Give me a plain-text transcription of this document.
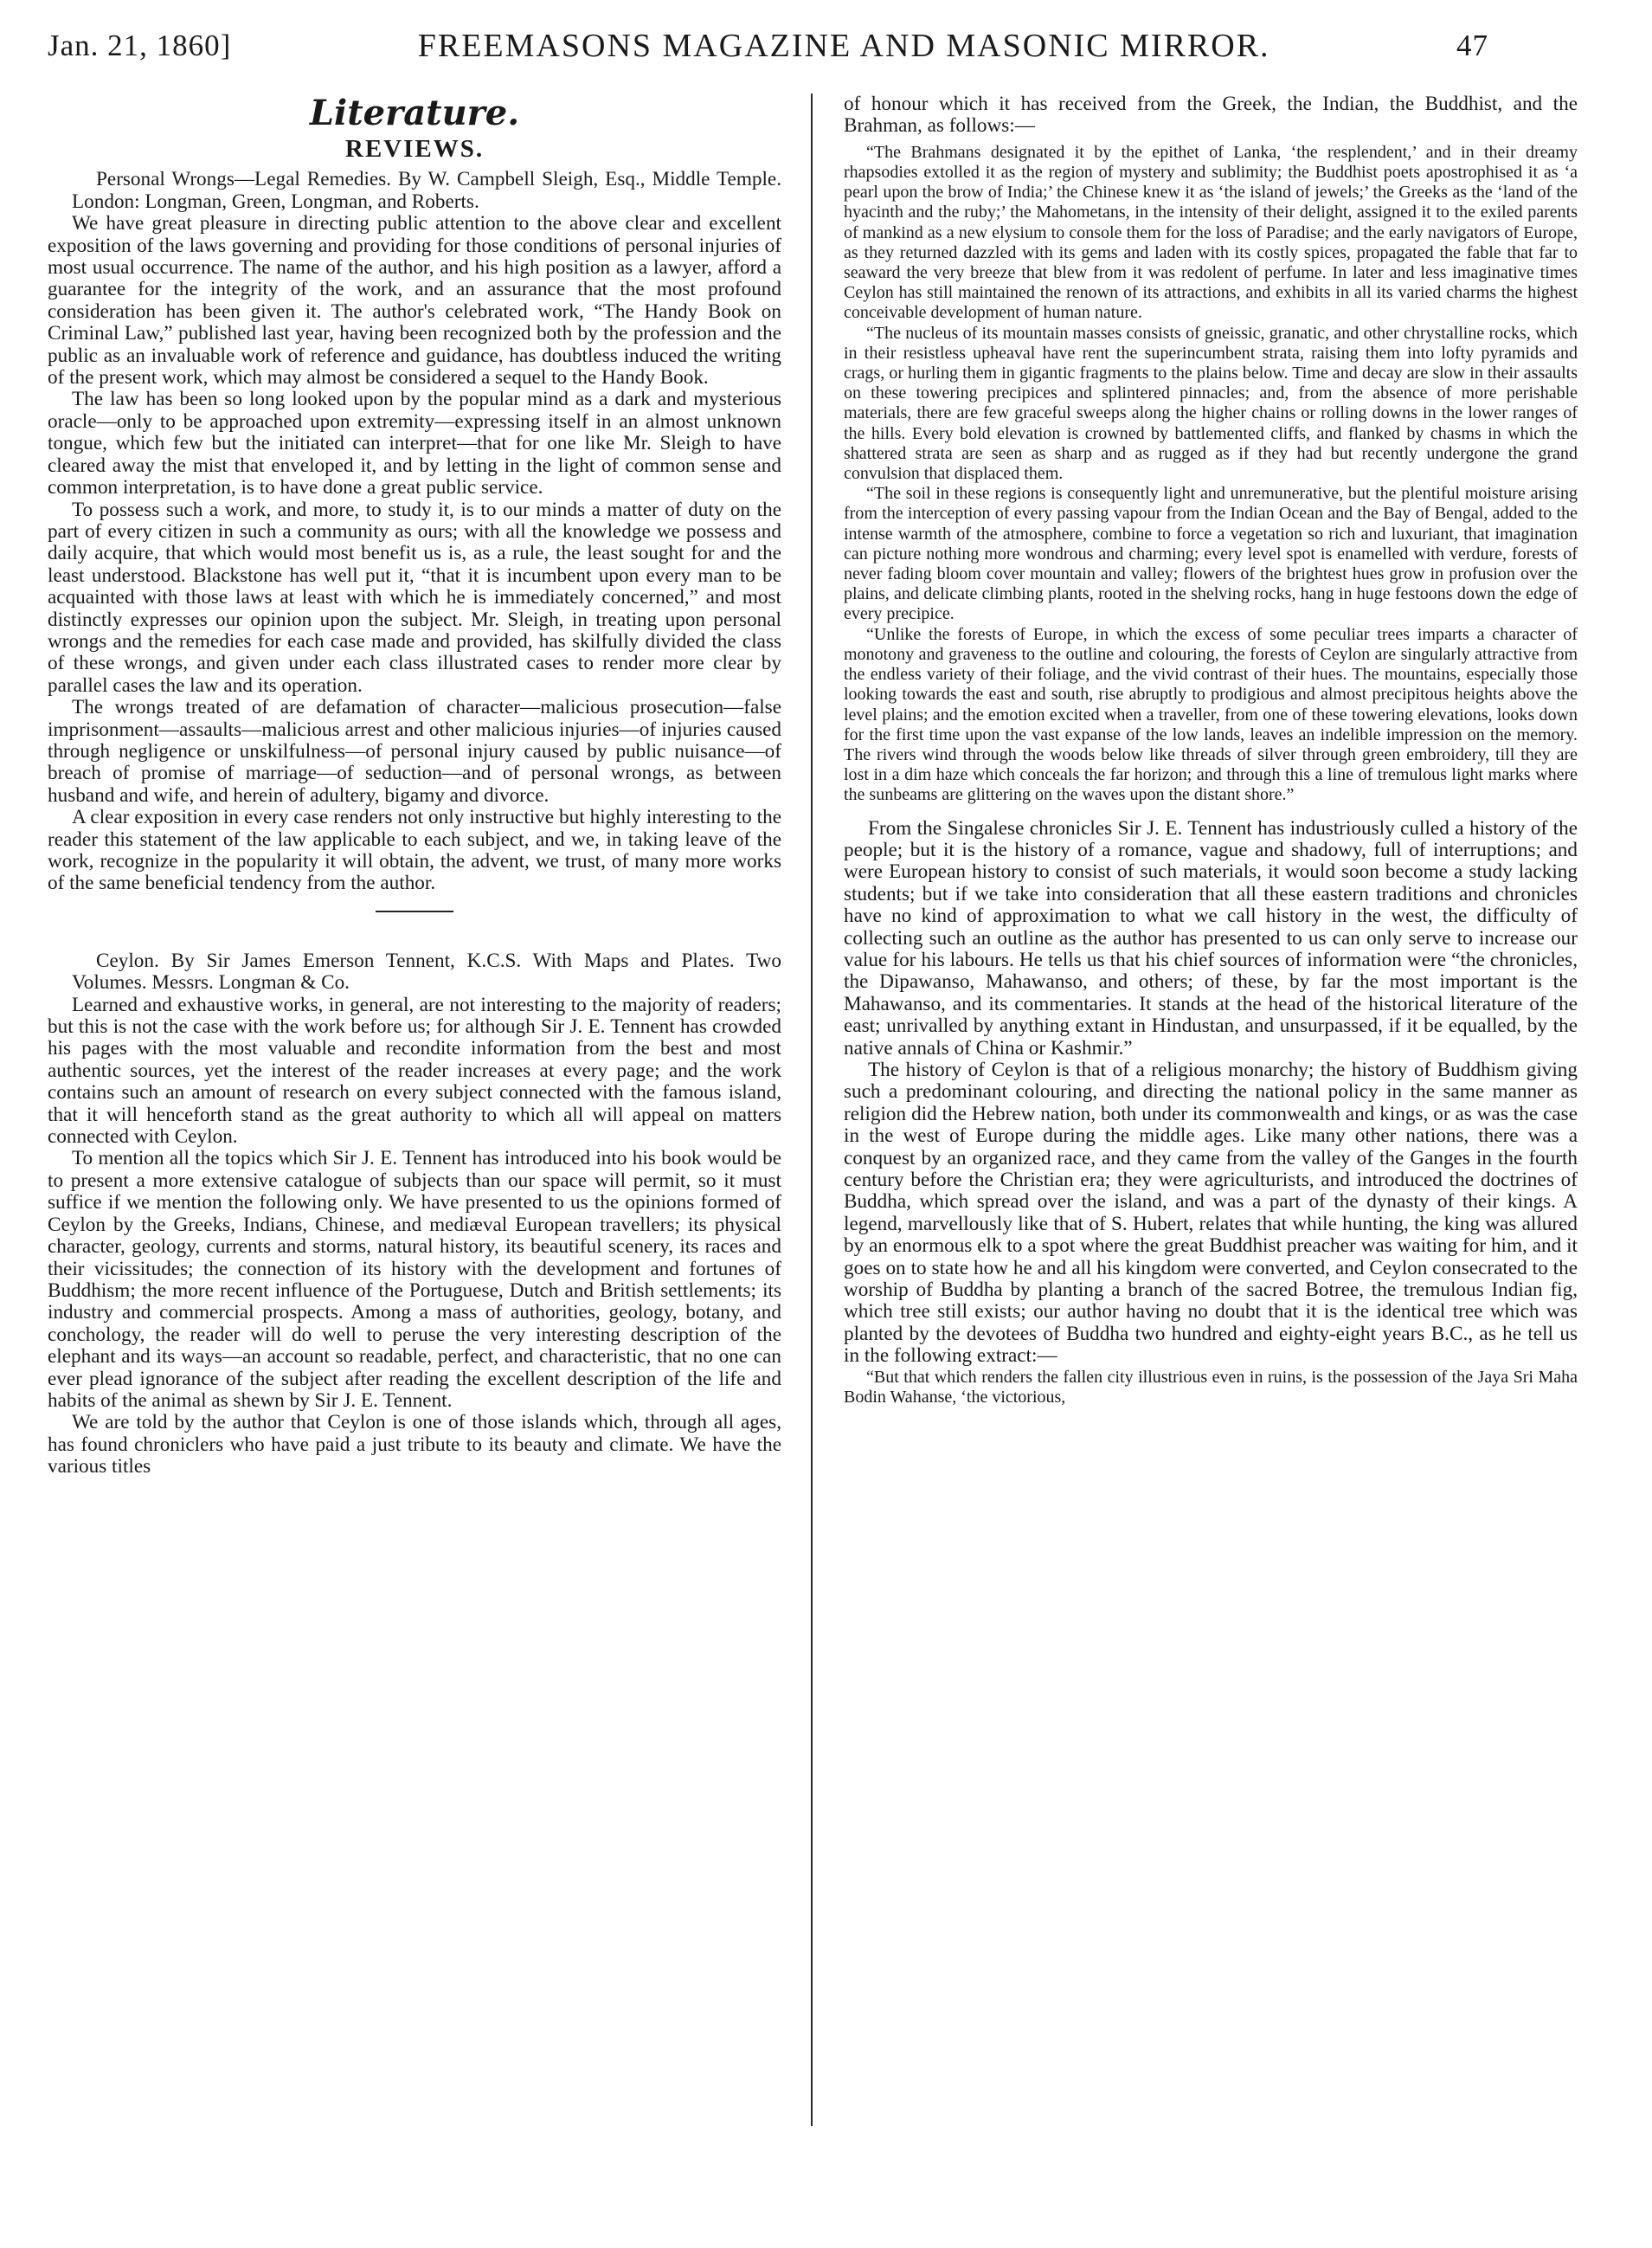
Jan. 21, 1860]	FREEMASONS MAGAZINE AND MASONIC MIRROR.	47
Literature.
REVIEWS.

Personal Wrongs—Legal Remedies. By W. Campbell Sleigh, Esq., Middle Temple. London: Longman, Green, Longman, and Roberts.

We have great pleasure in directing public attention to the above clear and excellent exposition of the laws governing and providing for those conditions of personal injuries of most usual occurrence. The name of the author, and his high position as a lawyer, afford a guarantee for the integrity of the work, and an assurance that the most profound consideration has been given it. The author's celebrated work, “The Handy Book on Criminal Law,” published last year, having been recognized both by the profession and the public as an invaluable work of reference and guidance, has doubtless induced the writing of the present work, which may almost be considered a sequel to the Handy Book.

The law has been so long looked upon by the popular mind as a dark and mysterious oracle—only to be approached upon extremity—expressing itself in an almost unknown tongue, which few but the initiated can interpret—that for one like Mr. Sleigh to have cleared away the mist that enveloped it, and by letting in the light of common sense and common interpretation, is to have done a great public service.

To possess such a work, and more, to study it, is to our minds a matter of duty on the part of every citizen in such a community as ours; with all the knowledge we possess and daily acquire, that which would most benefit us is, as a rule, the least sought for and the least understood. Blackstone has well put it, “that it is incumbent upon every man to be acquainted with those laws at least with which he is immediately concerned,” and most distinctly expresses our opinion upon the subject. Mr. Sleigh, in treating upon personal wrongs and the remedies for each case made and provided, has skilfully divided the class of these wrongs, and given under each class illustrated cases to render more clear by parallel cases the law and its operation.

The wrongs treated of are defamation of character—malicious prosecution—false imprisonment—assaults—malicious arrest and other malicious injuries—of injuries caused through negligence or unskilfulness—of personal injury caused by public nuisance—of breach of promise of marriage—of seduction—and of personal wrongs, as between husband and wife, and herein of adultery, bigamy and divorce.

A clear exposition in every case renders not only instructive but highly interesting to the reader this statement of the law applicable to each subject, and we, in taking leave of the work, recognize in the popularity it will obtain, the advent, we trust, of many more works of the same beneficial tendency from the author.

Ceylon. By Sir James Emerson Tennent, K.C.S. With Maps and Plates. Two Volumes. Messrs. Longman & Co.

Learned and exhaustive works, in general, are not interesting to the majority of readers; but this is not the case with the work before us; for although Sir J. E. Tennent has crowded his pages with the most valuable and recondite information from the best and most authentic sources, yet the interest of the reader increases at every page; and the work contains such an amount of research on every subject connected with the famous island, that it will henceforth stand as the great authority to which all will appeal on matters connected with Ceylon.

To mention all the topics which Sir J. E. Tennent has introduced into his book would be to present a more extensive catalogue of subjects than our space will permit, so it must suffice if we mention the following only. We have presented to us the opinions formed of Ceylon by the Greeks, Indians, Chinese, and mediæval European travellers; its physical character, geology, currents and storms, natural history, its beautiful scenery, its races and their vicissitudes; the connection of its history with the development and fortunes of Buddhism; the more recent influence of the Portuguese, Dutch and British settlements; its industry and commercial prospects. Among a mass of authorities, geology, botany, and conchology, the reader will do well to peruse the very interesting description of the elephant and its ways—an account so readable, perfect, and characteristic, that no one can ever plead ignorance of the subject after reading the excellent description of the life and habits of the animal as shewn by Sir J. E. Tennent.

We are told by the author that Ceylon is one of those islands which, through all ages, has found chroniclers who have paid a just tribute to its beauty and climate. We have the various titles

of honour which it has received from the Greek, the Indian, the Buddhist, and the Brahman, as follows:—

“The Brahmans designated it by the epithet of Lanka, ‘the resplendent,’ and in their dreamy rhapsodies extolled it as the region of mystery and sublimity; the Buddhist poets apostrophised it as ‘a pearl upon the brow of India;’ the Chinese knew it as ‘the island of jewels;’ the Greeks as the ‘land of the hyacinth and the ruby;’ the Mahometans, in the intensity of their delight, assigned it to the exiled parents of mankind as a new elysium to console them for the loss of Paradise; and the early navigators of Europe, as they returned dazzled with its gems and laden with its costly spices, propagated the fable that far to seaward the very breeze that blew from it was redolent of perfume. In later and less imaginative times Ceylon has still maintained the renown of its attractions, and exhibits in all its varied charms the highest conceivable development of human nature.

“The nucleus of its mountain masses consists of gneissic, granatic, and other chrystalline rocks, which in their resistless upheaval have rent the superincumbent strata, raising them into lofty pyramids and crags, or hurling them in gigantic fragments to the plains below. Time and decay are slow in their assaults on these towering precipices and splintered pinnacles; and, from the absence of more perishable materials, there are few graceful sweeps along the higher chains or rolling downs in the lower ranges of the hills. Every bold elevation is crowned by battlemented cliffs, and flanked by chasms in which the shattered strata are seen as sharp and as rugged as if they had but recently undergone the grand convulsion that displaced them.

“The soil in these regions is consequently light and unremunerative, but the plentiful moisture arising from the interception of every passing vapour from the Indian Ocean and the Bay of Bengal, added to the intense warmth of the atmosphere, combine to force a vegetation so rich and luxuriant, that imagination can picture nothing more wondrous and charming; every level spot is enamelled with verdure, forests of never fading bloom cover mountain and valley; flowers of the brightest hues grow in profusion over the plains, and delicate climbing plants, rooted in the shelving rocks, hang in huge festoons down the edge of every precipice.

“Unlike the forests of Europe, in which the excess of some peculiar trees imparts a character of monotony and graveness to the outline and colouring, the forests of Ceylon are singularly attractive from the endless variety of their foliage, and the vivid contrast of their hues. The mountains, especially those looking towards the east and south, rise abruptly to prodigious and almost precipitous heights above the level plains; and the emotion excited when a traveller, from one of these towering elevations, looks down for the first time upon the vast expanse of the low lands, leaves an indelible impression on the memory. The rivers wind through the woods below like threads of silver through green embroidery, till they are lost in a dim haze which conceals the far horizon; and through this a line of tremulous light marks where the sunbeams are glittering on the waves upon the distant shore.”

From the Singalese chronicles Sir J. E. Tennent has industriously culled a history of the people; but it is the history of a romance, vague and shadowy, full of interruptions; and were European history to consist of such materials, it would soon become a study lacking students; but if we take into consideration that all these eastern traditions and chronicles have no kind of approximation to what we call history in the west, the difficulty of collecting such an outline as the author has presented to us can only serve to increase our value for his labours. He tells us that his chief sources of information were “the chronicles, the Dipawanso, Mahawanso, and others; of these, by far the most important is the Mahawanso, and its commentaries. It stands at the head of the historical literature of the east; unrivalled by anything extant in Hindustan, and unsurpassed, if it be equalled, by the native annals of China or Kashmir.”

The history of Ceylon is that of a religious monarchy; the history of Buddhism giving such a predominant colouring, and directing the national policy in the same manner as religion did the Hebrew nation, both under its commonwealth and kings, or as was the case in the west of Europe during the middle ages. Like many other nations, there was a conquest by an organized race, and they came from the valley of the Ganges in the fourth century before the Christian era; they were agriculturists, and introduced the doctrines of Buddha, which spread over the island, and was a part of the dynasty of their kings. A legend, marvellously like that of S. Hubert, relates that while hunting, the king was allured by an enormous elk to a spot where the great Buddhist preacher was waiting for him, and it goes on to state how he and all his kingdom were converted, and Ceylon consecrated to the worship of Buddha by planting a branch of the sacred Botree, the tremulous Indian fig, which tree still exists; our author having no doubt that it is the identical tree which was planted by the devotees of Buddha two hundred and eighty-eight years B.C., as he tell us in the following extract:—

“But that which renders the fallen city illustrious even in ruins, is the possession of the Jaya Sri Maha Bodin Wahanse, ‘the victorious,
